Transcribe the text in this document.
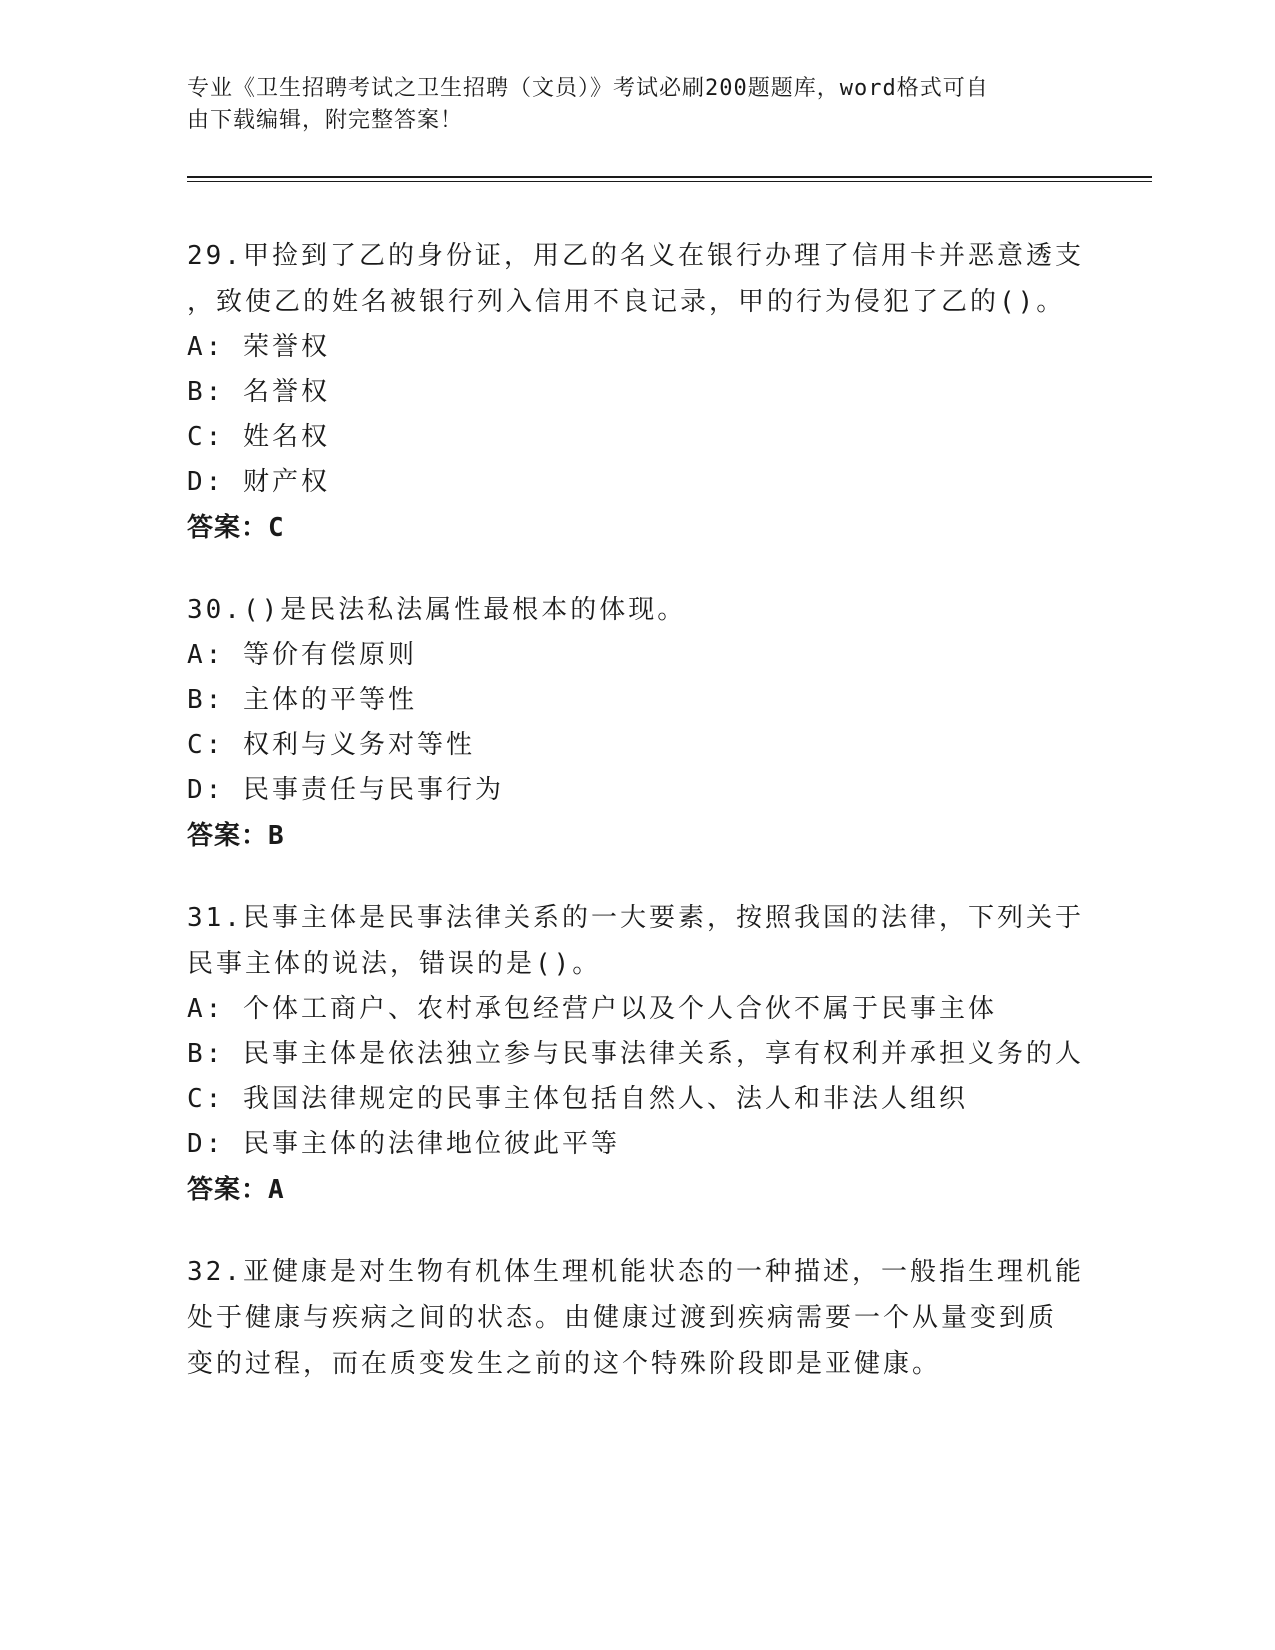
专业《卫生招聘考试之卫生招聘（文员）》考试必刷200题题库，word格式可自
由下载编辑，附完整答案！
29.甲捡到了乙的身份证，用乙的名义在银行办理了信用卡并恶意透支
，致使乙的姓名被银行列入信用不良记录，甲的行为侵犯了乙的()。
A: 荣誉权
B: 名誉权
C: 姓名权
D: 财产权
答案：C
30.()是民法私法属性最根本的体现。
A: 等价有偿原则
B: 主体的平等性
C: 权利与义务对等性
D: 民事责任与民事行为
答案：B
31.民事主体是民事法律关系的一大要素，按照我国的法律，下列关于
民事主体的说法，错误的是()。
A: 个体工商户、农村承包经营户以及个人合伙不属于民事主体
B: 民事主体是依法独立参与民事法律关系，享有权利并承担义务的人
C: 我国法律规定的民事主体包括自然人、法人和非法人组织
D: 民事主体的法律地位彼此平等
答案：A
32.亚健康是对生物有机体生理机能状态的一种描述，一般指生理机能
处于健康与疾病之间的状态。由健康过渡到疾病需要一个从量变到质
变的过程，而在质变发生之前的这个特殊阶段即是亚健康。
